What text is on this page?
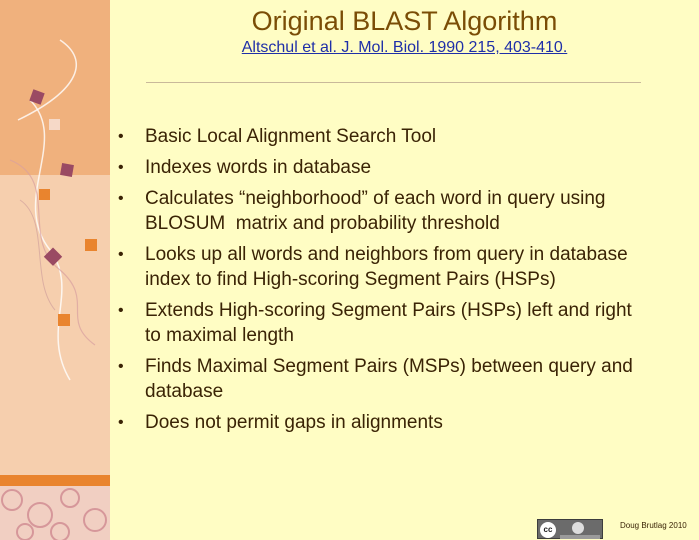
Original BLAST Algorithm
Altschul et al. J. Mol. Biol. 1990 215, 403-410.
• Basic Local Alignment Search Tool
• Indexes words in database
• Calculates “neighborhood” of each word in query using
BLOSUM  matrix and probability threshold
• Looks up all words and neighbors from query in database
index to find High-scoring Segment Pairs (HSPs)
• Extends High-scoring Segment Pairs (HSPs) left and right
to maximal length
• Finds Maximal Segment Pairs (MSPs) between query and
database
• Does not permit gaps in alignments
cc	Doug Brutlag 2010
